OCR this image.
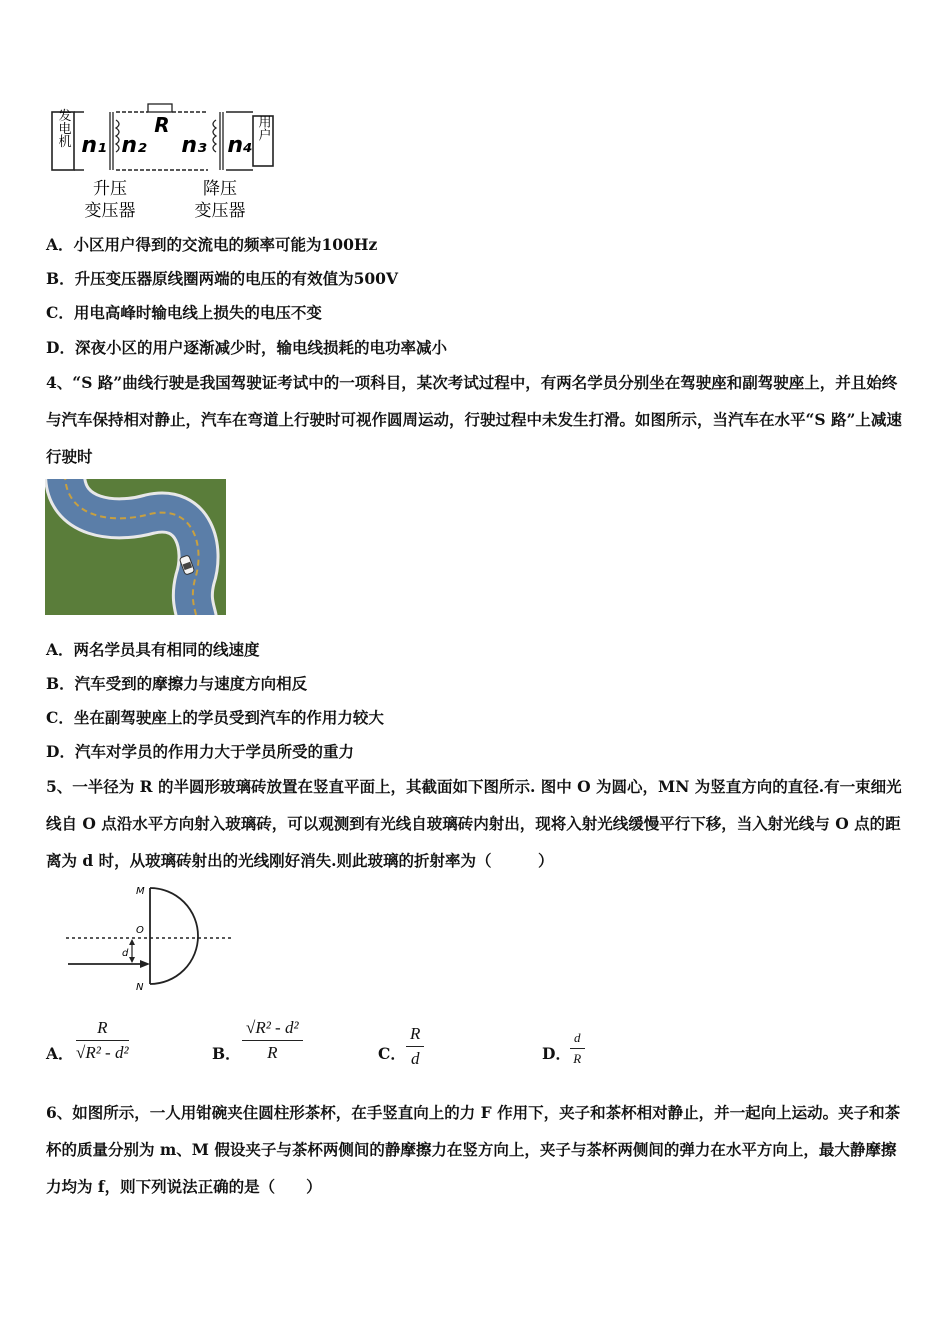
发电机 n₁ n₂
R
n₃ n₄
用户
升压
变压器
降压
变压器
A．小区用户得到的交流电的频率可能为100Hz
B．升压变压器原线圈两端的电压的有效值为500V
C．用电高峰时输电线上损失的电压不变
D．深夜小区的用户逐渐减少时，输电线损耗的电功率减小
4、“S 路”曲线行驶是我国驾驶证考试中的一项科目，某次考试过程中，有两名学员分别坐在驾驶座和副驾驶座上，并且始终与汽车保持相对静止，汽车在弯道上行驶时可视作圆周运动，行驶过程中未发生打滑。如图所示，当汽车在水平“S 路”上减速行驶时
A．两名学员具有相同的线速度
B．汽车受到的摩擦力与速度方向相反
C．坐在副驾驶座上的学员受到汽车的作用力较大
D．汽车对学员的作用力大于学员所受的重力
5、一半径为 R 的半圆形玻璃砖放置在竖直平面上，其截面如下图所示. 图中 O 为圆心，MN 为竖直方向的直径.有一束细光线自 O 点沿水平方向射入玻璃砖，可以观测到有光线自玻璃砖内射出，现将入射光线缓慢平行下移，当入射光线与 O 点的距离为 d 时，从玻璃砖射出的光线刚好消失.则此玻璃的折射率为（　　　）
M
O
d
N
A． $\frac{R}{\text{√R² - d²}}$	B． $\frac{\text{√R² - d²}}{R}$	C． $\frac{R}{d}$	D． $\frac{d}{R}$
6、如图所示，一人用钳碗夹住圆柱形茶杯，在手竖直向上的力 F 作用下，夹子和茶杯相对静止，并一起向上运动。夹子和茶杯的质量分别为 m、M 假设夹子与茶杯两侧间的静摩擦力在竖方向上，夹子与茶杯两侧间的弹力在水平方向上，最大静摩擦力均为 f，则下列说法正确的是（　　）
